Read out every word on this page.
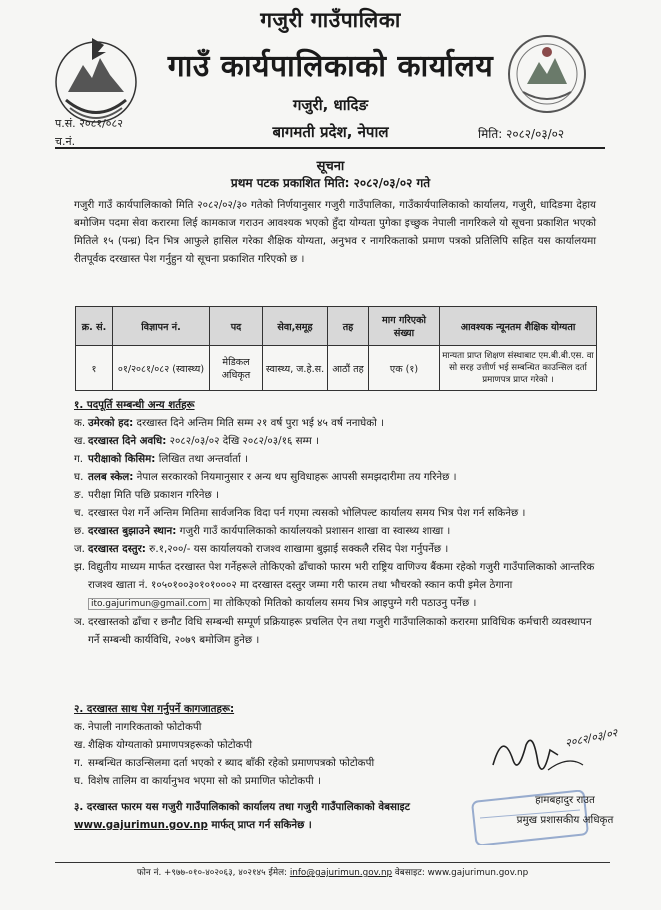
गजुरी गाउँपालिका
गाउँ कार्यपालिकाको कार्यालय
गजुरी, धादिङ
बागमती प्रदेश, नेपाल
प.सं. २०८१/०८२
च.नं.
मिति: २०८२/०३/०२
सूचना
प्रथम पटक प्रकाशित मिति: २०८२/०३/०२ गते
गजुरी गाउँ कार्यपालिकाको मिति २०८२/०२/३० गतेको निर्णयानुसार गजुरी गाउँपालिका, गाउँकार्यपालिकाको कार्यालय, गजुरी, धादिङमा देहाय बमोजिम पदमा सेवा करारमा लिई कामकाज गराउन आवश्यक भएको हुँदा योग्यता पुगेका इच्छुक नेपाली नागरिकले यो सूचना प्रकाशित भएको मितिले १५ (पन्ध्र) दिन भित्र आफुले हासिल गरेका शैक्षिक योग्यता, अनुभव र नागरिकताको प्रमाण पत्रको प्रतिलिपि सहित यस कार्यालयमा रीतपूर्वक दरखास्त पेश गर्नुहुन यो सूचना प्रकाशित गरिएको छ ।
क्र. सं.	विज्ञापन नं.	पद	सेवा,समूह	तह	माग गरिएको संख्या	आवश्यक न्यूनतम शैक्षिक योग्यता
१	०१/२०८१/०८२ (स्वास्थ्य)	मेडिकल अधिकृत	स्वास्थ्य, ज.हे.स.	आठौं तह	एक (१)	मान्यता प्राप्त शिक्षण संस्थाबाट एम.बी.बी.एस. वा सो सरह उत्तीर्ण भई सम्बन्धित काउन्सिल दर्ता प्रमाणपत्र प्राप्त गरेको ।

१. पदपूर्ति सम्बन्धी अन्य शर्तहरू

क. उमेरको हद: दरखास्त दिने अन्तिम मिति सम्म २१ वर्ष पुरा भई ४५ वर्ष ननाघेको ।
ख. दरखास्त दिने अवधि: २०८२/०३/०२ देखि २०८२/०३/१६ सम्म ।
ग. परीक्षाको किसिम: लिखित तथा अन्तर्वार्ता ।
घ. तलब स्केल: नेपाल सरकारको नियमानुसार र अन्य थप सुविधाहरू आपसी समझदारीमा तय गरिनेछ ।
ङ. परीक्षा मिति पछि प्रकाशन गरिनेछ ।
च. दरखास्त पेश गर्ने अन्तिम मितिमा सार्वजनिक विदा पर्न गएमा त्यसको भोलिपल्ट कार्यालय समय भित्र पेश गर्न सकिनेछ ।
छ. दरखास्त बुझाउने स्थान: गजुरी गाउँ कार्यपालिकाको कार्यालयको प्रशासन शाखा वा स्वास्थ्य शाखा ।
ज. दरखास्त दस्तुर: रु.१,२००/- यस कार्यालयको राजश्व शाखामा बुझाई सक्कलै रसिद पेश गर्नुपर्नेछ ।
झ. विद्युतीय माध्यम मार्फत दरखास्त पेश गर्नेहरूले तोकिएको ढाँचाको फारम भरी राष्ट्रिय वाणिज्य बैंकमा रहेको गजुरी गाउँपालिकाको आन्तरिक राजश्व खाता नं. १०५०१००३०१०१०००२ मा दरखास्त दस्तुर जम्मा गरी फारम तथा भौचरको स्कान कपी इमेल ठेगाना ito.gajurimun@gmail.com मा तोकिएको मितिको कार्यालय समय भित्र आइपुग्ने गरी पठाउनु पर्नेछ ।
ञ. दरखास्तको ढाँचा र छनौट विधि सम्बन्धी सम्पूर्ण प्रक्रियाहरू प्रचलित ऐन तथा गजुरी गाउँपालिकाको करारमा प्राविधिक कर्मचारी व्यवस्थापन गर्ने सम्बन्धी कार्यविधि, २०७९ बमोजिम हुनेछ ।

२. दरखास्त साथ पेश गर्नुपर्ने कागजातहरू:

क. नेपाली नागरिकताको फोटोकपी
ख. शैक्षिक योग्यताको प्रमाणपत्रहरूको फोटोकपी
ग. सम्बन्धित काउन्सिलमा दर्ता भएको र ब्याद बाँकी रहेको प्रमाणपत्रको फोटोकपी
घ. विशेष तालिम वा कार्यानुभव भएमा सो को प्रमाणित फोटोकपी ।
३. दरखास्त फारम यस गजुरी गाउँपालिकाको कार्यालय तथा गजुरी गाउँपालिकाको वेबसाइट www.gajurimun.gov.np मार्फत् प्राप्त गर्न सकिनेछ ।
२०८२/०३/०२
हामबहादुर राउत
प्रमुख प्रशासकीय अधिकृत
फोन नं. +९७७-०१०-४०२०६३, ४०२१४५ ईमेल: info@gajurimun.gov.np वेबसाइट: www.gajurimun.gov.np
